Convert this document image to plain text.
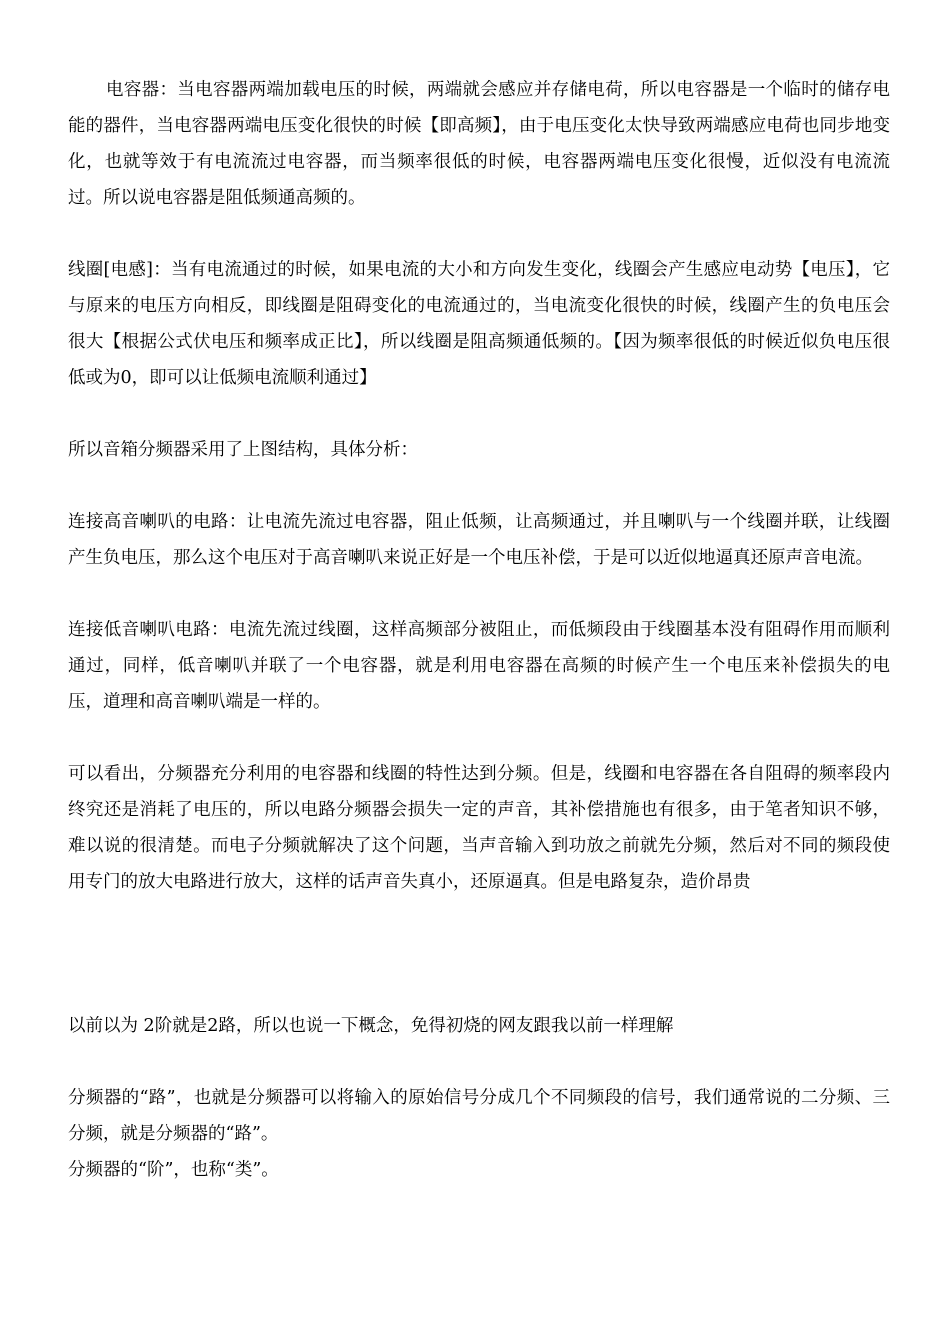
电容器：当电容器两端加载电压的时候，两端就会感应并存储电荷，所以电容器是一个临时的储存电能的器件，当电容器两端电压变化很快的时候【即高频】，由于电压变化太快导致两端感应电荷也同步地变化，也就等效于有电流流过电容器，而当频率很低的时候，电容器两端电压变化很慢，近似没有电流流过。所以说电容器是阻低频通高频的。

线圈[电感]：当有电流通过的时候，如果电流的大小和方向发生变化，线圈会产生感应电动势【电压】，它与原来的电压方向相反，即线圈是阻碍变化的电流通过的，当电流变化很快的时候，线圈产生的负电压会很大【根据公式伏电压和频率成正比】，所以线圈是阻高频通低频的。【因为频率很低的时候近似负电压很低或为0，即可以让低频电流顺利通过】

所以音箱分频器采用了上图结构，具体分析：

连接高音喇叭的电路：让电流先流过电容器，阻止低频，让高频通过，并且喇叭与一个线圈并联，让线圈产生负电压，那么这个电压对于高音喇叭来说正好是一个电压补偿，于是可以近似地逼真还原声音电流。

连接低音喇叭电路：电流先流过线圈，这样高频部分被阻止，而低频段由于线圈基本没有阻碍作用而顺利通过，同样，低音喇叭并联了一个电容器，就是利用电容器在高频的时候产生一个电压来补偿损失的电压，道理和高音喇叭端是一样的。

可以看出，分频器充分利用的电容器和线圈的特性达到分频。但是，线圈和电容器在各自阻碍的频率段内终究还是消耗了电压的，所以电路分频器会损失一定的声音，其补偿措施也有很多，由于笔者知识不够，难以说的很清楚。而电子分频就解决了这个问题，当声音输入到功放之前就先分频，然后对不同的频段使用专门的放大电路进行放大，这样的话声音失真小，还原逼真。但是电路复杂，造价昂贵

以前以为 2阶就是2路，所以也说一下概念，免得初烧的网友跟我以前一样理解

分频器的“路”，也就是分频器可以将输入的原始信号分成几个不同频段的信号，我们通常说的二分频、三分频，就是分频器的“路”。

分频器的“阶”，也称“类”。
